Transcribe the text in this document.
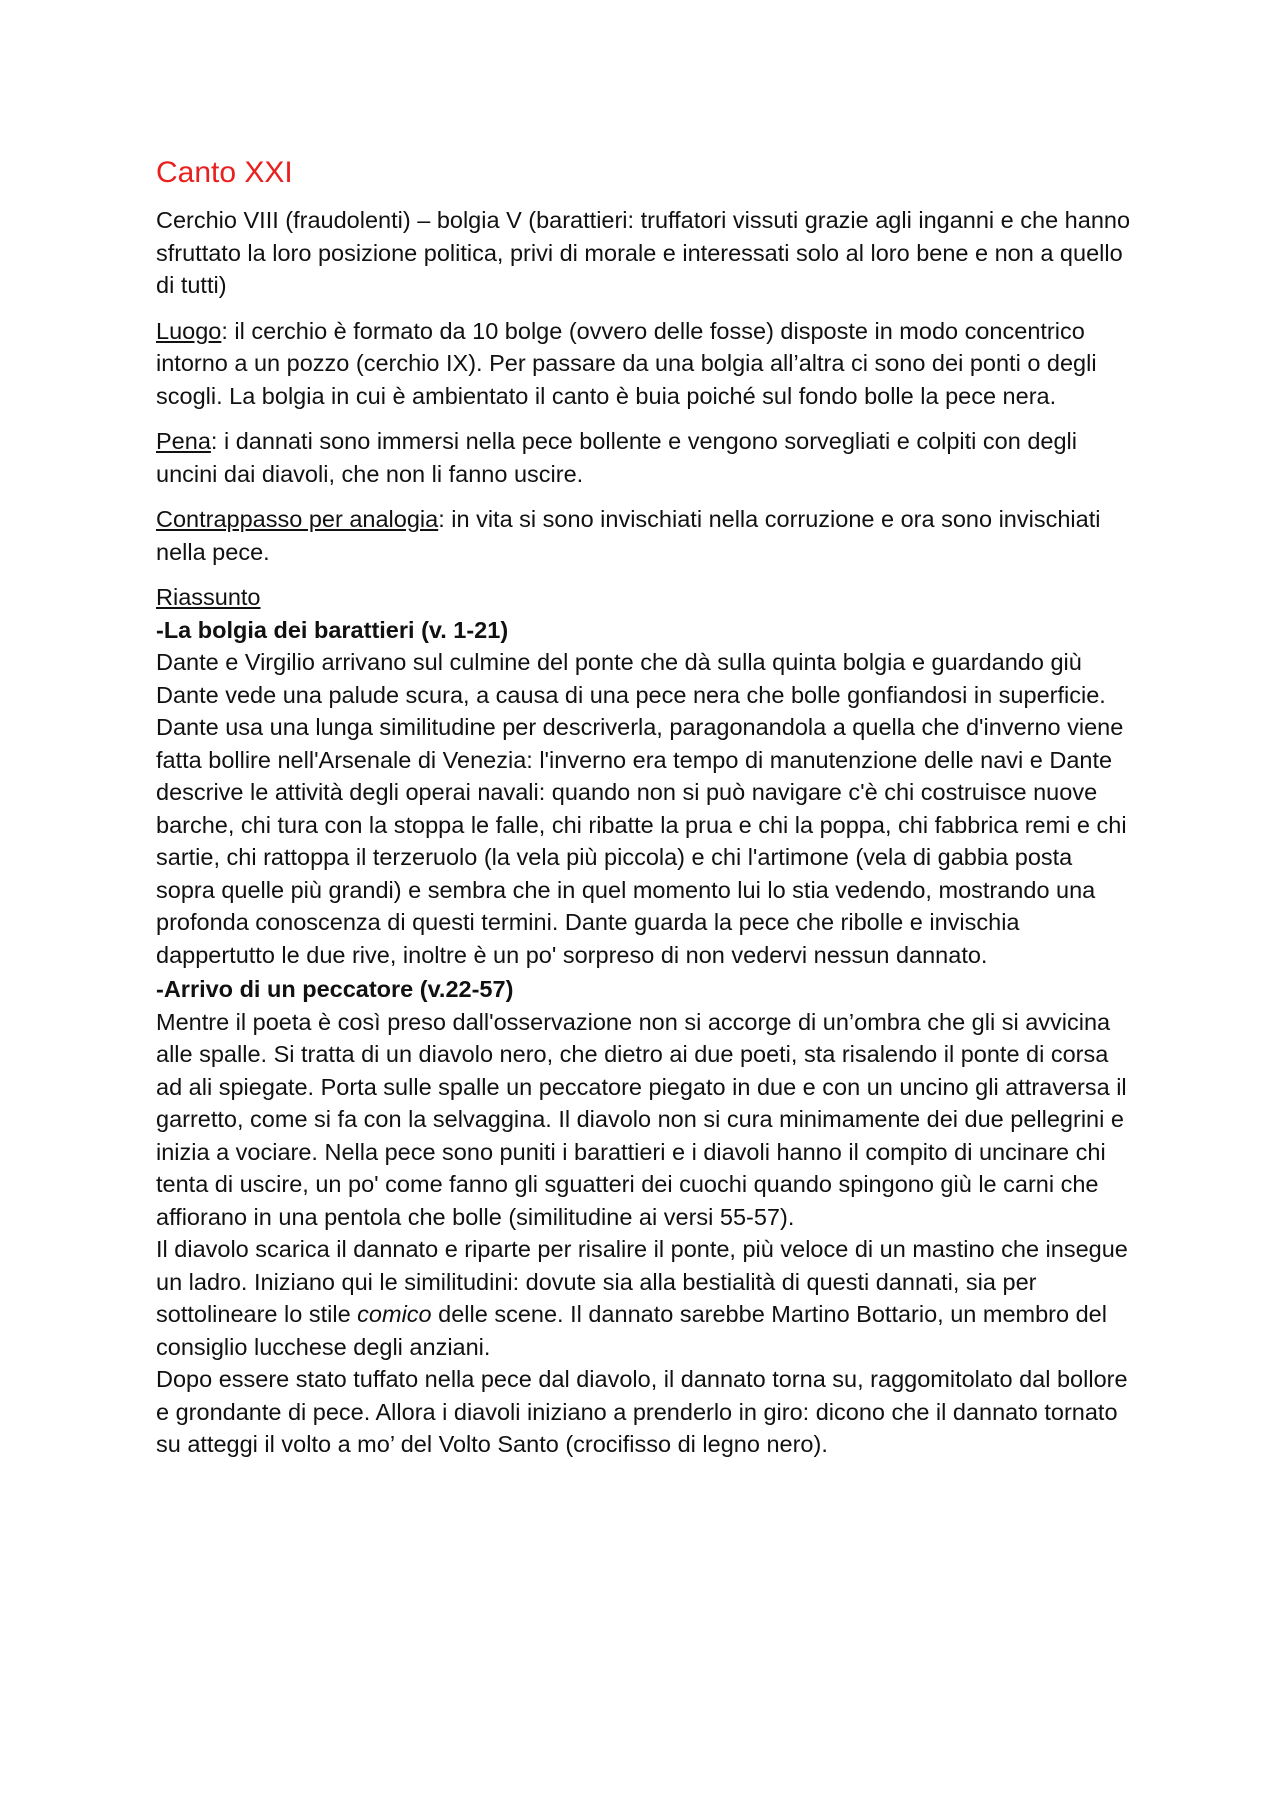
Canto XXI

Cerchio VIII (fraudolenti) – bolgia V (barattieri: truffatori vissuti grazie agli inganni e che hanno sfruttato la loro posizione politica, privi di morale e interessati solo al loro bene e non a quello di tutti)

Luogo: il cerchio è formato da 10 bolge (ovvero delle fosse) disposte in modo concentrico intorno a un pozzo (cerchio IX). Per passare da una bolgia all’altra ci sono dei ponti o degli scogli. La bolgia in cui è ambientato il canto è buia poiché sul fondo bolle la pece nera.

Pena: i dannati sono immersi nella pece bollente e vengono sorvegliati e colpiti con degli uncini dai diavoli, che non li fanno uscire.

Contrappasso per analogia: in vita si sono invischiati nella corruzione e ora sono invischiati nella pece.

Riassunto

-La bolgia dei barattieri (v. 1-21)

Dante e Virgilio arrivano sul culmine del ponte che dà sulla quinta bolgia e guardando giù Dante vede una palude scura, a causa di una pece nera che bolle gonfiandosi in superficie. Dante usa una lunga similitudine per descriverla, paragonandola a quella che d'inverno viene fatta bollire nell'Arsenale di Venezia: l'inverno era tempo di manutenzione delle navi e Dante descrive le attività degli operai navali: quando non si può navigare c'è chi costruisce nuove barche, chi tura con la stoppa le falle, chi ribatte la prua e chi la poppa, chi fabbrica remi e chi sartie, chi rattoppa il terzeruolo (la vela più piccola) e chi l'artimone (vela di gabbia posta sopra quelle più grandi) e sembra che in quel momento lui lo stia vedendo, mostrando una profonda conoscenza di questi termini. Dante guarda la pece che ribolle e invischia dappertutto le due rive, inoltre è un po' sorpreso di non vedervi nessun dannato.

-Arrivo di un peccatore (v.22-57)

Mentre il poeta è così preso dall'osservazione non si accorge di un’ombra che gli si avvicina alle spalle. Si tratta di un diavolo nero, che dietro ai due poeti, sta risalendo il ponte di corsa ad ali spiegate. Porta sulle spalle un peccatore piegato in due e con un uncino gli attraversa il garretto, come si fa con la selvaggina. Il diavolo non si cura minimamente dei due pellegrini e inizia a vociare. Nella pece sono puniti i barattieri e i diavoli hanno il compito di uncinare chi tenta di uscire, un po' come fanno gli sguatteri dei cuochi quando spingono giù le carni che affiorano in una pentola che bolle (similitudine ai versi 55-57).

Il diavolo scarica il dannato e riparte per risalire il ponte, più veloce di un mastino che insegue un ladro. Iniziano qui le similitudini: dovute sia alla bestialità di questi dannati, sia per sottolineare lo stile comico delle scene. Il dannato sarebbe Martino Bottario, un membro del consiglio lucchese degli anziani.

Dopo essere stato tuffato nella pece dal diavolo, il dannato torna su, raggomitolato dal bollore e grondante di pece. Allora i diavoli iniziano a prenderlo in giro: dicono che il dannato tornato su atteggi il volto a mo’ del Volto Santo (crocifisso di legno nero).
